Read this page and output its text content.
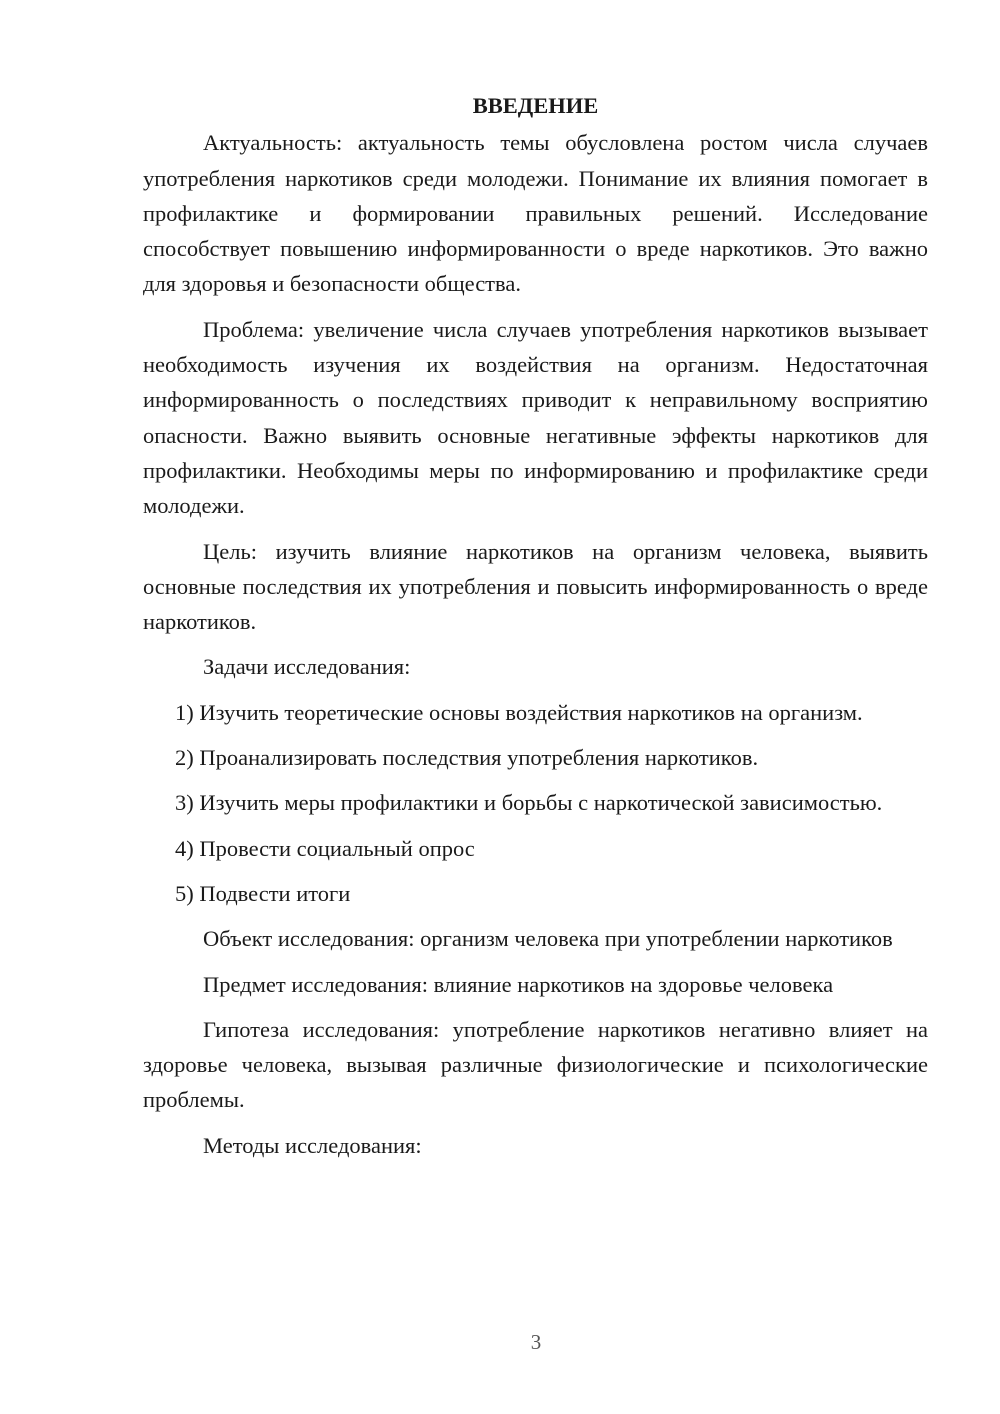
ВВЕДЕНИЕ

Актуальность: актуальность темы обусловлена ростом числа случаев употребления наркотиков среди молодежи. Понимание их влияния помогает в профилактике и формировании правильных решений. Исследование способствует повышению информированности о вреде наркотиков. Это важно для здоровья и безопасности общества.

Проблема: увеличение числа случаев употребления наркотиков вызывает необходимость изучения их воздействия на организм. Недостаточная информированность о последствиях приводит к неправильному восприятию опасности. Важно выявить основные негативные эффекты наркотиков для профилактики. Необходимы меры по информированию и профилактике среди молодежи.

Цель: изучить влияние наркотиков на организм человека, выявить основные последствия их употребления и повысить информированность о вреде наркотиков.

Задачи исследования:

1) Изучить теоретические основы воздействия наркотиков на организм.

2) Проанализировать последствия употребления наркотиков.

3) Изучить меры профилактики и борьбы с наркотической зависимостью.

4) Провести социальный опрос

5) Подвести итоги

Объект исследования: организм человека при употреблении наркотиков

Предмет исследования: влияние наркотиков на здоровье человека

Гипотеза исследования: употребление наркотиков негативно влияет на здоровье человека, вызывая различные физиологические и психологические проблемы.

Методы исследования:

3
